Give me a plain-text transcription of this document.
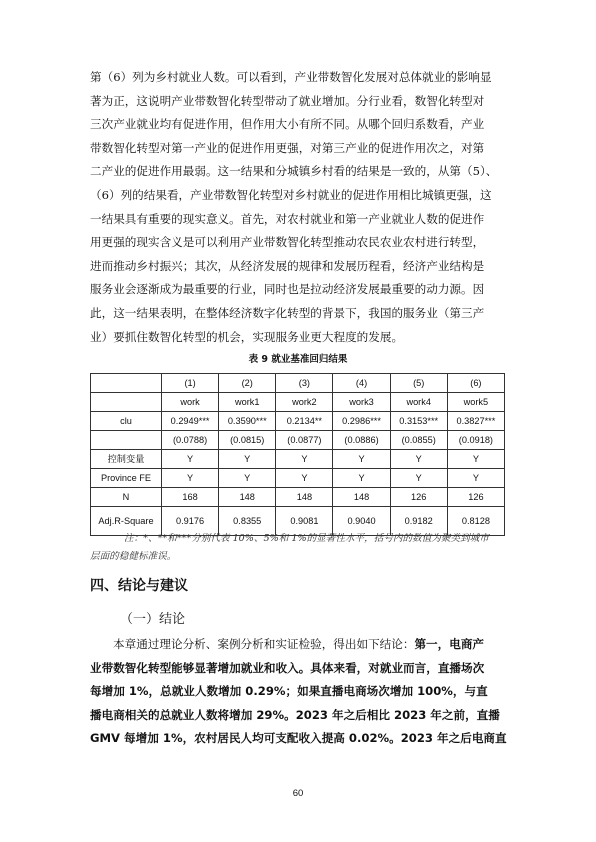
第（6）列为乡村就业人数。可以看到，产业带数智化发展对总体就业的影响显
著为正，这说明产业带数智化转型带动了就业增加。分行业看，数智化转型对
三次产业就业均有促进作用，但作用大小有所不同。从哪个回归系数看，产业
带数智化转型对第一产业的促进作用更强，对第三产业的促进作用次之，对第
二产业的促进作用最弱。这一结果和分城镇乡村看的结果是一致的，从第（5）、
（6）列的结果看，产业带数智化转型对乡村就业的促进作用相比城镇更强，这
一结果具有重要的现实意义。首先，对农村就业和第一产业就业人数的促进作
用更强的现实含义是可以利用产业带数智化转型推动农民农业农村进行转型，
进而推动乡村振兴；其次，从经济发展的规律和发展历程看，经济产业结构是
服务业会逐渐成为最重要的行业，同时也是拉动经济发展最重要的动力源。因
此，这一结果表明，在整体经济数字化转型的背景下，我国的服务业（第三产
业）要抓住数智化转型的机会，实现服务业更大程度的发展。
表 9 就业基准回归结果
	(1)	(2)	(3)	(4)	(5)	(6)
	work	work1	work2	work3	work4	work5
clu	0.2949***	0.3590***	0.2134**	0.2986***	0.3153***	0.3827***
	(0.0788)	(0.0815)	(0.0877)	(0.0886)	(0.0855)	(0.0918)
控制变量	Y	Y	Y	Y	Y	Y
Province FE	Y	Y	Y	Y	Y	Y
N	168	148	148	148	126	126
Adj.R-Square	0.9176	0.8355	0.9081	0.9040	0.9182	0.8128
注：*、**和***分别代表 10%、5%和 1%的显著性水平，括号内的数值为聚类到城市
层面的稳健标准误。
四、结论与建议
（一）结论
本章通过理论分析、案例分析和实证检验，得出如下结论：第一，电商产
业带数智化转型能够显著增加就业和收入。具体来看，对就业而言，直播场次
每增加 1%，总就业人数增加 0.29%；如果直播电商场次增加 100%，与直
播电商相关的总就业人数将增加 29%。2023 年之后相比 2023 年之前，直播
GMV 每增加 1%，农村居民人均可支配收入提高 0.02%。2023 年之后电商直
60
